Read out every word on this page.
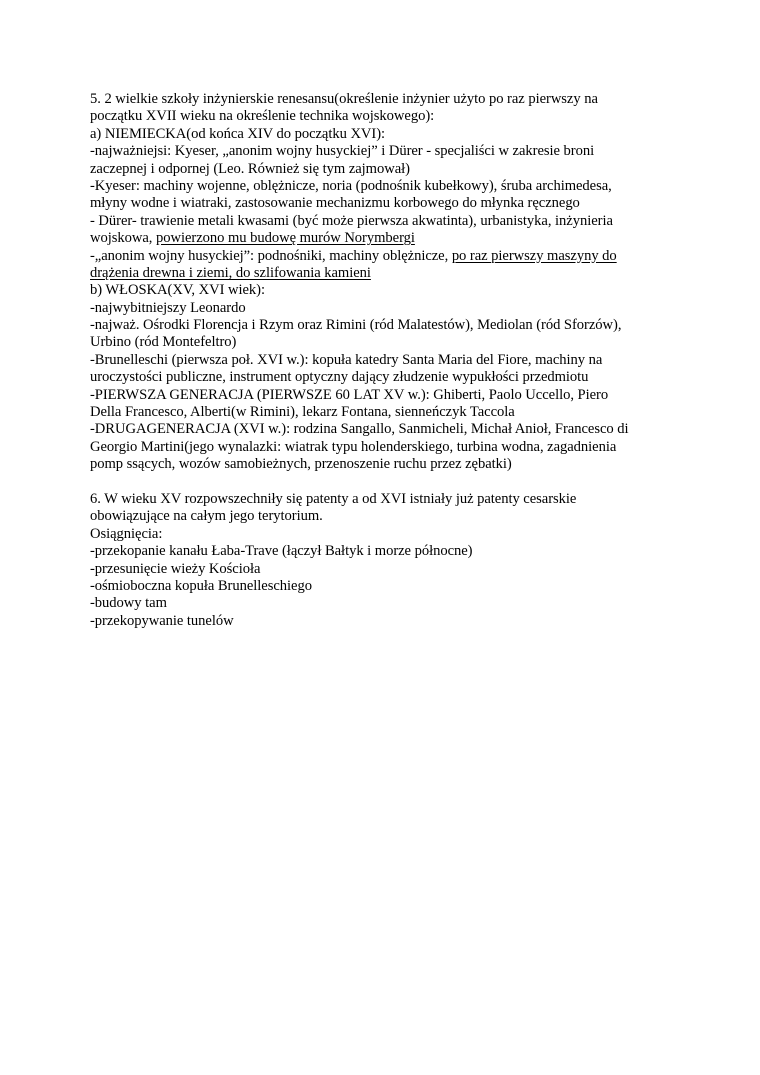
5. 2 wielkie szkoły inżynierskie renesansu(określenie inżynier użyto po raz pierwszy na
początku XVII wieku na określenie technika wojskowego):
a) NIEMIECKA(od końca XIV do początku XVI):
-najważniejsi: Kyeser, „anonim wojny husyckiej” i Dürer - specjaliści w zakresie broni
zaczepnej i odpornej (Leo. Również się tym zajmował)
-Kyeser: machiny wojenne, oblężnicze, noria (podnośnik kubełkowy), śruba archimedesa,
młyny wodne i wiatraki, zastosowanie mechanizmu korbowego do młynka ręcznego
- Dürer- trawienie metali kwasami (być może pierwsza akwatinta), urbanistyka, inżynieria
wojskowa, powierzono mu budowę murów Norymbergi
-„anonim wojny husyckiej”: podnośniki, machiny oblężnicze, po raz pierwszy maszyny do
drążenia drewna i ziemi, do szlifowania kamieni
b) WŁOSKA(XV, XVI wiek):
-najwybitniejszy Leonardo
-najważ. Ośrodki Florencja i Rzym oraz Rimini (ród Malatestów), Mediolan (ród Sforzów),
Urbino (ród Montefeltro)
-Brunelleschi (pierwsza poł. XVI w.): kopuła katedry Santa Maria del Fiore, machiny na
uroczystości publiczne, instrument optyczny dający złudzenie wypukłości przedmiotu
-PIERWSZA GENERACJA (PIERWSZE 60 LAT XV w.): Ghiberti, Paolo Uccello, Piero
Della Francesco, Alberti(w Rimini), lekarz Fontana, sienneńczyk Taccola
-DRUGAGENERACJA (XVI w.): rodzina Sangallo, Sanmicheli, Michał Anioł, Francesco di
Georgio Martini(jego wynalazki: wiatrak typu holenderskiego, turbina wodna, zagadnienia
pomp ssących, wozów samobieżnych, przenoszenie ruchu przez zębatki)
6. W wieku XV rozpowszechniły się patenty a od XVI istniały już patenty cesarskie
obowiązujące na całym jego terytorium.
Osiągnięcia:
-przekopanie kanału Łaba-Trave (łączył Bałtyk i morze północne)
-przesunięcie wieży Kościoła
-ośmioboczna kopuła Brunelleschiego
-budowy tam
-przekopywanie tunelów
